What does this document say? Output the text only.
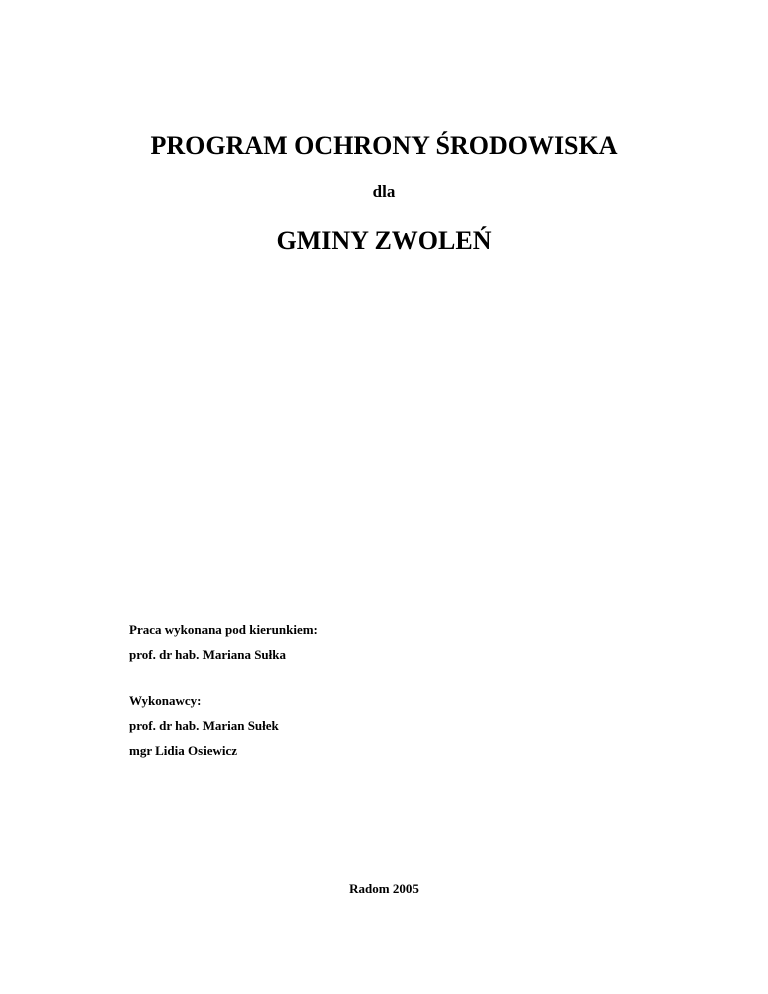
PROGRAM OCHRONY ŚRODOWISKA
dla
GMINY ZWOLEŃ
Praca wykonana pod kierunkiem:
prof. dr hab. Mariana Sułka
Wykonawcy:
prof. dr hab. Marian Sułek
mgr Lidia Osiewicz
Radom 2005
